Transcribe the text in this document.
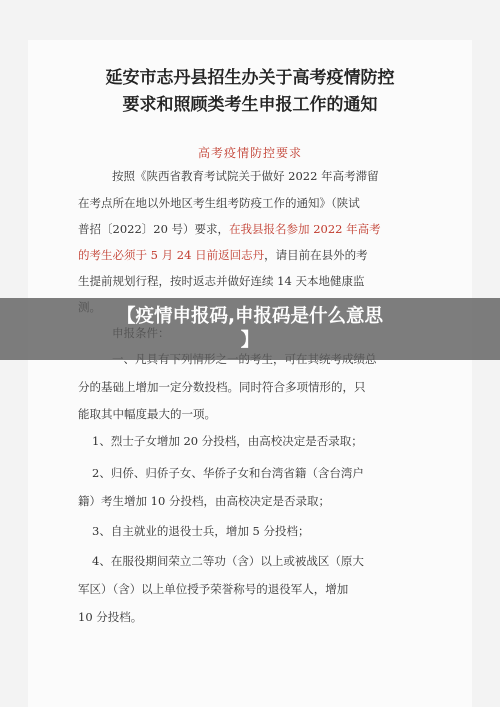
延安市志丹县招生办关于高考疫情防控
要求和照顾类考生申报工作的通知
高考疫情防控要求
按照《陕西省教育考试院关于做好 2022 年高考滞留
在考点所在地以外地区考生组考防疫工作的通知》（陕试
普招〔2022〕20 号）要求，在我县报名参加 2022 年高考
的考生必须于 5 月 24 日前返回志丹，请目前在县外的考
生提前规划行程，按时返志并做好连续 14 天本地健康监
分的基础上增加一定分数投档。同时符合多项情形的，只
能取其中幅度最大的一项。
1、烈士子女增加 20 分投档，由高校决定是否录取；
2、归侨、归侨子女、华侨子女和台湾省籍（含台湾户
籍）考生增加 10 分投档，由高校决定是否录取；
3、自主就业的退役士兵，增加 5 分投档；
4、在服役期间荣立二等功（含）以上或被战区（原大
军区）（含）以上单位授予荣誉称号的退役军人，增加
10 分投档。
【疫情申报码,申报码是什么意思
】
